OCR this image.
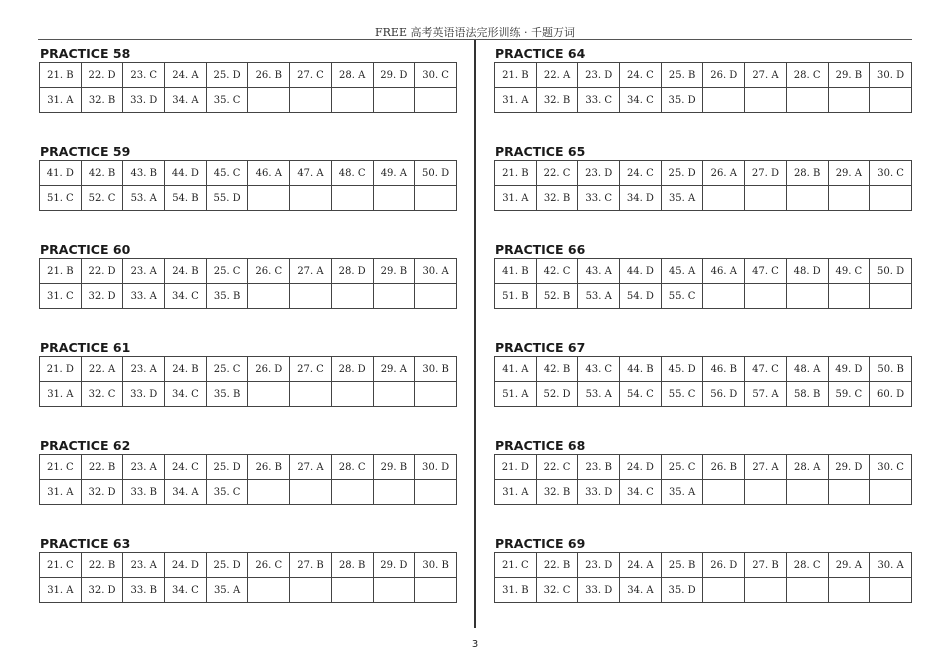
FREE 高考英语语法完形训练 · 千题万词
PRACTICE 58
21. B	22. D	23. C	24. A	25. D	26. B	27. C	28. A	29. D	30. C
31. A	32. B	33. D	34. A	35. C					
PRACTICE 59
41. D	42. B	43. B	44. D	45. C	46. A	47. A	48. C	49. A	50. D
51. C	52. C	53. A	54. B	55. D					
PRACTICE 60
21. B	22. D	23. A	24. B	25. C	26. C	27. A	28. D	29. B	30. A
31. C	32. D	33. A	34. C	35. B					
PRACTICE 61
21. D	22. A	23. A	24. B	25. C	26. D	27. C	28. D	29. A	30. B
31. A	32. C	33. D	34. C	35. B					
PRACTICE 62
21. C	22. B	23. A	24. C	25. D	26. B	27. A	28. C	29. B	30. D
31. A	32. D	33. B	34. A	35. C					
PRACTICE 63
21. C	22. B	23. A	24. D	25. D	26. C	27. B	28. B	29. D	30. B
31. A	32. D	33. B	34. C	35. A					
PRACTICE 64
21. B	22. A	23. D	24. C	25. B	26. D	27. A	28. C	29. B	30. D
31. A	32. B	33. C	34. C	35. D					
PRACTICE 65
21. B	22. C	23. D	24. C	25. D	26. A	27. D	28. B	29. A	30. C
31. A	32. B	33. C	34. D	35. A					
PRACTICE 66
41. B	42. C	43. A	44. D	45. A	46. A	47. C	48. D	49. C	50. D
51. B	52. B	53. A	54. D	55. C					
PRACTICE 67
41. A	42. B	43. C	44. B	45. D	46. B	47. C	48. A	49. D	50. B
51. A	52. D	53. A	54. C	55. C	56. D	57. A	58. B	59. C	60. D
PRACTICE 68
21. D	22. C	23. B	24. D	25. C	26. B	27. A	28. A	29. D	30. C
31. A	32. B	33. D	34. C	35. A					
PRACTICE 69
21. C	22. B	23. D	24. A	25. B	26. D	27. B	28. C	29. A	30. A
31. B	32. C	33. D	34. A	35. D					
3
